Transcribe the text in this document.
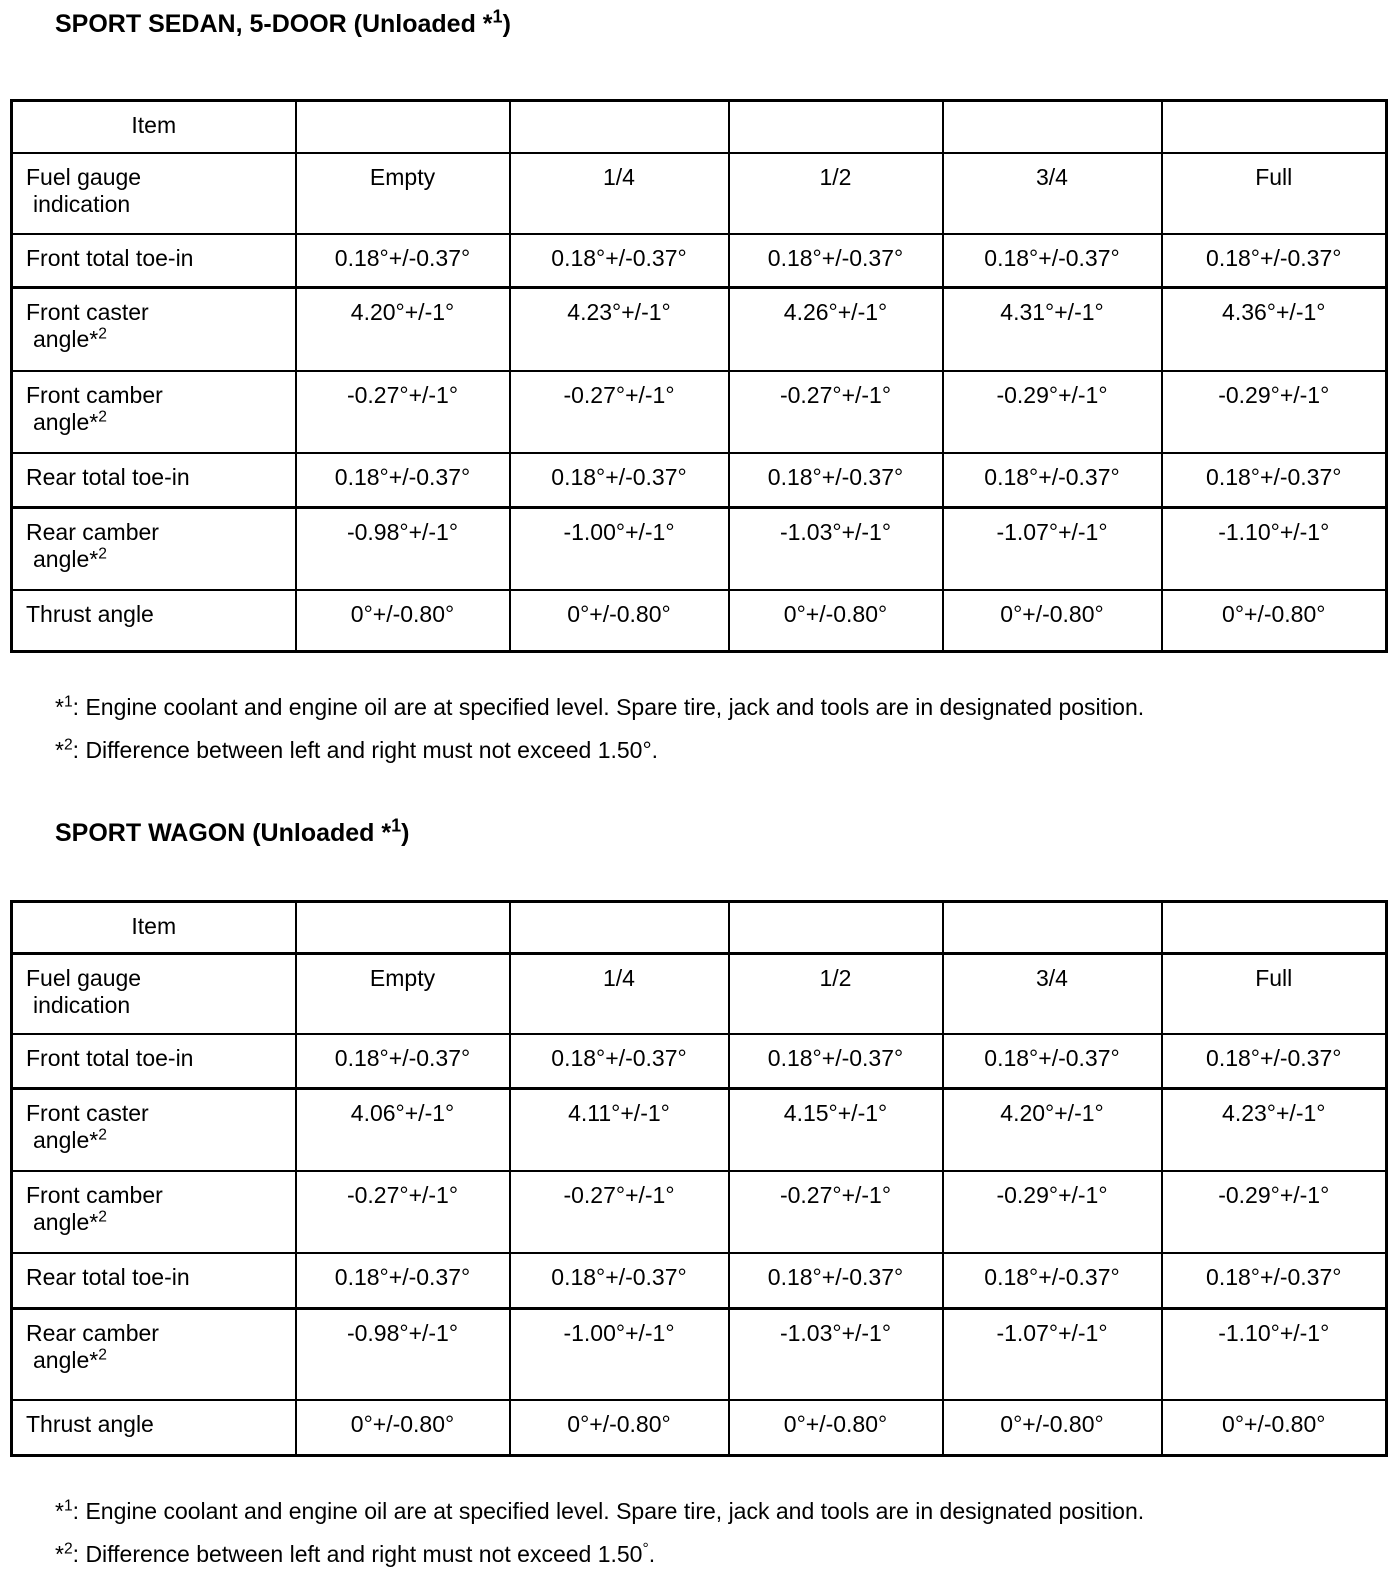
SPORT SEDAN, 5-DOOR (Unloaded *$^1$)
Item					

Fuel gauge
indication	Empty	1/4	1/2	3/4	Full

Front total toe-in	0.18°+/-0.37°	0.18°+/-0.37°	0.18°+/-0.37°	0.18°+/-0.37°	0.18°+/-0.37°

Front caster
angle*$^2$	4.20°+/-1°	4.23°+/-1°	4.26°+/-1°	4.31°+/-1°	4.36°+/-1°

Front camber
angle*$^2$	-0.27°+/-1°	-0.27°+/-1°	-0.27°+/-1°	-0.29°+/-1°	-0.29°+/-1°

Rear total toe-in	0.18°+/-0.37°	0.18°+/-0.37°	0.18°+/-0.37°	0.18°+/-0.37°	0.18°+/-0.37°

Rear camber
angle*$^2$	-0.98°+/-1°	-1.00°+/-1°	-1.03°+/-1°	-1.07°+/-1°	-1.10°+/-1°

Thrust angle	0°+/-0.80°	0°+/-0.80°	0°+/-0.80°	0°+/-0.80°	0°+/-0.80°
*$^1$: Engine coolant and engine oil are at specified level. Spare tire, jack and tools are in designated position.
*$^2$: Difference between left and right must not exceed 1.50°.
SPORT WAGON (Unloaded *$^1$)
Item					

Fuel gauge
indication	Empty	1/4	1/2	3/4	Full

Front total toe-in	0.18°+/-0.37°	0.18°+/-0.37°	0.18°+/-0.37°	0.18°+/-0.37°	0.18°+/-0.37°

Front caster
angle*$^2$	4.06°+/-1°	4.11°+/-1°	4.15°+/-1°	4.20°+/-1°	4.23°+/-1°

Front camber
angle*$^2$	-0.27°+/-1°	-0.27°+/-1°	-0.27°+/-1°	-0.29°+/-1°	-0.29°+/-1°

Rear total toe-in	0.18°+/-0.37°	0.18°+/-0.37°	0.18°+/-0.37°	0.18°+/-0.37°	0.18°+/-0.37°

Rear camber
angle*$^2$	-0.98°+/-1°	-1.00°+/-1°	-1.03°+/-1°	-1.07°+/-1°	-1.10°+/-1°

Thrust angle	0°+/-0.80°	0°+/-0.80°	0°+/-0.80°	0°+/-0.80°	0°+/-0.80°
*$^1$: Engine coolant and engine oil are at specified level. Spare tire, jack and tools are in designated position.
*$^2$: Difference between left and right must not exceed 1.50°.
